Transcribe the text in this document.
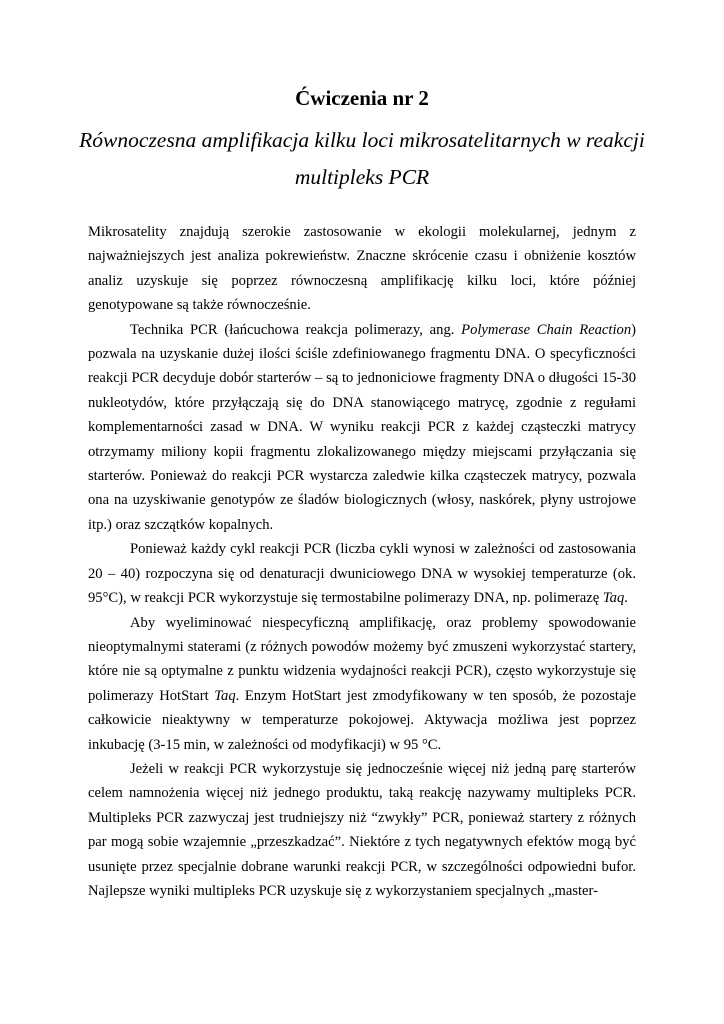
Ćwiczenia nr 2
Równoczesna amplifikacja kilku loci mikrosatelitarnych w reakcji multipleks PCR

Mikrosatelity znajdują szerokie zastosowanie w ekologii molekularnej, jednym z najważniejszych jest analiza pokrewieństw. Znaczne skrócenie czasu i obniżenie kosztów analiz uzyskuje się poprzez równoczesną amplifikację kilku loci, które później genotypowane są także równocześnie.

Technika PCR (łańcuchowa reakcja polimerazy, ang. Polymerase Chain Reaction) pozwala na uzyskanie dużej ilości ściśle zdefiniowanego fragmentu DNA. O specyficzności reakcji PCR decyduje dobór starterów – są to jednoniciowe fragmenty DNA o długości 15-30 nukleotydów, które przyłączają się do DNA stanowiącego matrycę, zgodnie z regułami komplementarności zasad w DNA. W wyniku reakcji PCR z każdej cząsteczki matrycy otrzymamy miliony kopii fragmentu zlokalizowanego między miejscami przyłączania się starterów. Ponieważ do reakcji PCR wystarcza zaledwie kilka cząsteczek matrycy, pozwala ona na uzyskiwanie genotypów ze śladów biologicznych (włosy, naskórek, płyny ustrojowe itp.) oraz szczątków kopalnych.

Ponieważ każdy cykl reakcji PCR (liczba cykli wynosi w zależności od zastosowania 20 – 40) rozpoczyna się od denaturacji dwuniciowego DNA w wysokiej temperaturze (ok. 95°C), w reakcji PCR wykorzystuje się termostabilne polimerazy DNA, np. polimerazę Taq.

Aby wyeliminować niespecyficzną amplifikację, oraz problemy spowodowanie nieoptymalnymi staterami (z różnych powodów możemy być zmuszeni wykorzystać startery, które nie są optymalne z punktu widzenia wydajności reakcji PCR), często wykorzystuje się polimerazy HotStart Taq. Enzym HotStart jest zmodyfikowany w ten sposób, że pozostaje całkowicie nieaktywny w temperaturze pokojowej. Aktywacja możliwa jest poprzez inkubację (3-15 min, w zależności od modyfikacji) w 95 °C.

Jeżeli w reakcji PCR wykorzystuje się jednocześnie więcej niż jedną parę starterów celem namnożenia więcej niż jednego produktu, taką reakcję nazywamy multipleks PCR. Multipleks PCR zazwyczaj jest trudniejszy niż “zwykły” PCR, ponieważ startery z różnych par mogą sobie wzajemnie „przeszkadzać”. Niektóre z tych negatywnych efektów mogą być usunięte przez specjalnie dobrane warunki reakcji PCR, w szczególności odpowiedni bufor. Najlepsze wyniki multipleks PCR uzyskuje się z wykorzystaniem specjalnych „master-
